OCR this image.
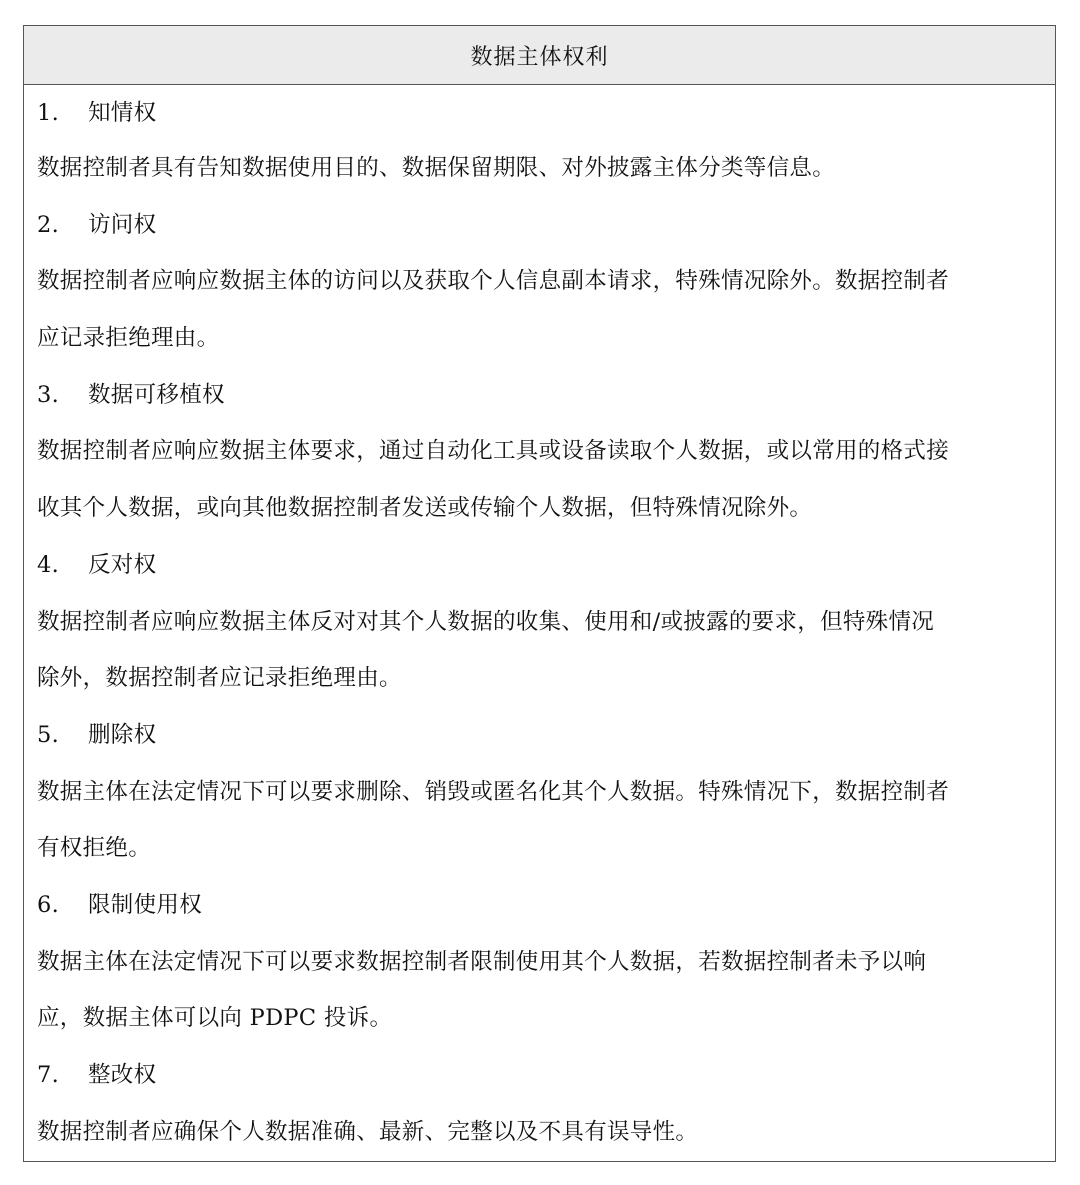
数据主体权利
1. 知情权
数据控制者具有告知数据使用目的、数据保留期限、对外披露主体分类等信息。
2. 访问权
数据控制者应响应数据主体的访问以及获取个人信息副本请求，特殊情况除外。数据控制者
应记录拒绝理由。
3. 数据可移植权
数据控制者应响应数据主体要求，通过自动化工具或设备读取个人数据，或以常用的格式接
收其个人数据，或向其他数据控制者发送或传输个人数据，但特殊情况除外。
4. 反对权
数据控制者应响应数据主体反对对其个人数据的收集、使用和/或披露的要求，但特殊情况
除外，数据控制者应记录拒绝理由。
5. 删除权
数据主体在法定情况下可以要求删除、销毁或匿名化其个人数据。特殊情况下，数据控制者
有权拒绝。
6. 限制使用权
数据主体在法定情况下可以要求数据控制者限制使用其个人数据，若数据控制者未予以响
应，数据主体可以向 PDPC 投诉。
7. 整改权
数据控制者应确保个人数据准确、最新、完整以及不具有误导性。
